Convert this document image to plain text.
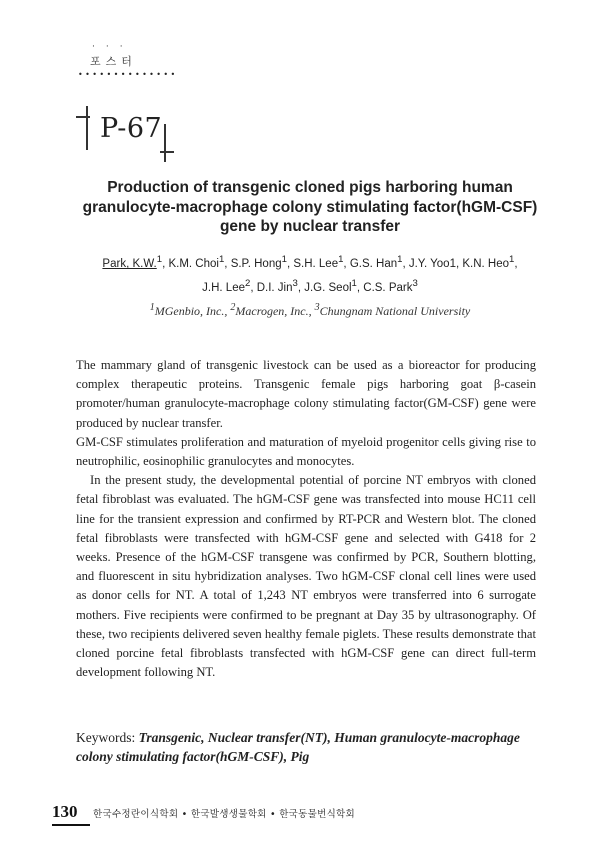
···
포스터
••••••••••••••
P-67
Production of transgenic cloned pigs harboring human granulocyte-macrophage colony stimulating factor(hGM-CSF) gene by nuclear transfer
Park, K.W.$^1$, K.M. Choi$^1$, S.P. Hong$^1$, S.H. Lee$^1$, G.S. Han$^1$, J.Y. Yoo1, K.N. Heo$^1$,
J.H. Lee$^2$, D.I. Jin$^3$, J.G. Seol$^1$, C.S. Park$^3$
$^1$MGenbio, Inc., $^2$Macrogen, Inc., $^3$Chungnam National University

The mammary gland of transgenic livestock can be used as a bioreactor for producing complex therapeutic proteins. Transgenic female pigs harboring goat β-casein promoter/human granulocyte-macrophage colony stimulating factor(GM-CSF) gene were produced by nuclear transfer.

GM-CSF stimulates proliferation and maturation of myeloid progenitor cells giving rise to neutrophilic, eosinophilic granulocytes and monocytes.

In the present study, the developmental potential of porcine NT embryos with cloned fetal fibroblast was evaluated. The hGM-CSF gene was transfected into mouse HC11 cell line for the transient expression and confirmed by RT-PCR and Western blot. The cloned fetal fibroblasts were transfected with hGM-CSF gene and selected with G418 for 2 weeks. Presence of the hGM-CSF transgene was confirmed by PCR, Southern blotting, and fluorescent in situ hybridization analyses. Two hGM-CSF clonal cell lines were used as donor cells for NT. A total of 1,243 NT embryos were transferred into 6 surrogate mothers. Five recipients were confirmed to be pregnant at Day 35 by ultrasonography. Of these, two recipients delivered seven healthy female piglets. These results demonstrate that cloned porcine fetal fibroblasts transfected with hGM-CSF gene can direct full-term development following NT.

Keywords: Transgenic, Nuclear transfer(NT), Human granulocyte-macrophage colony stimulating factor(hGM-CSF), Pig
130 한국수정란이식학회 • 한국발생생물학회 • 한국동물번식학회
